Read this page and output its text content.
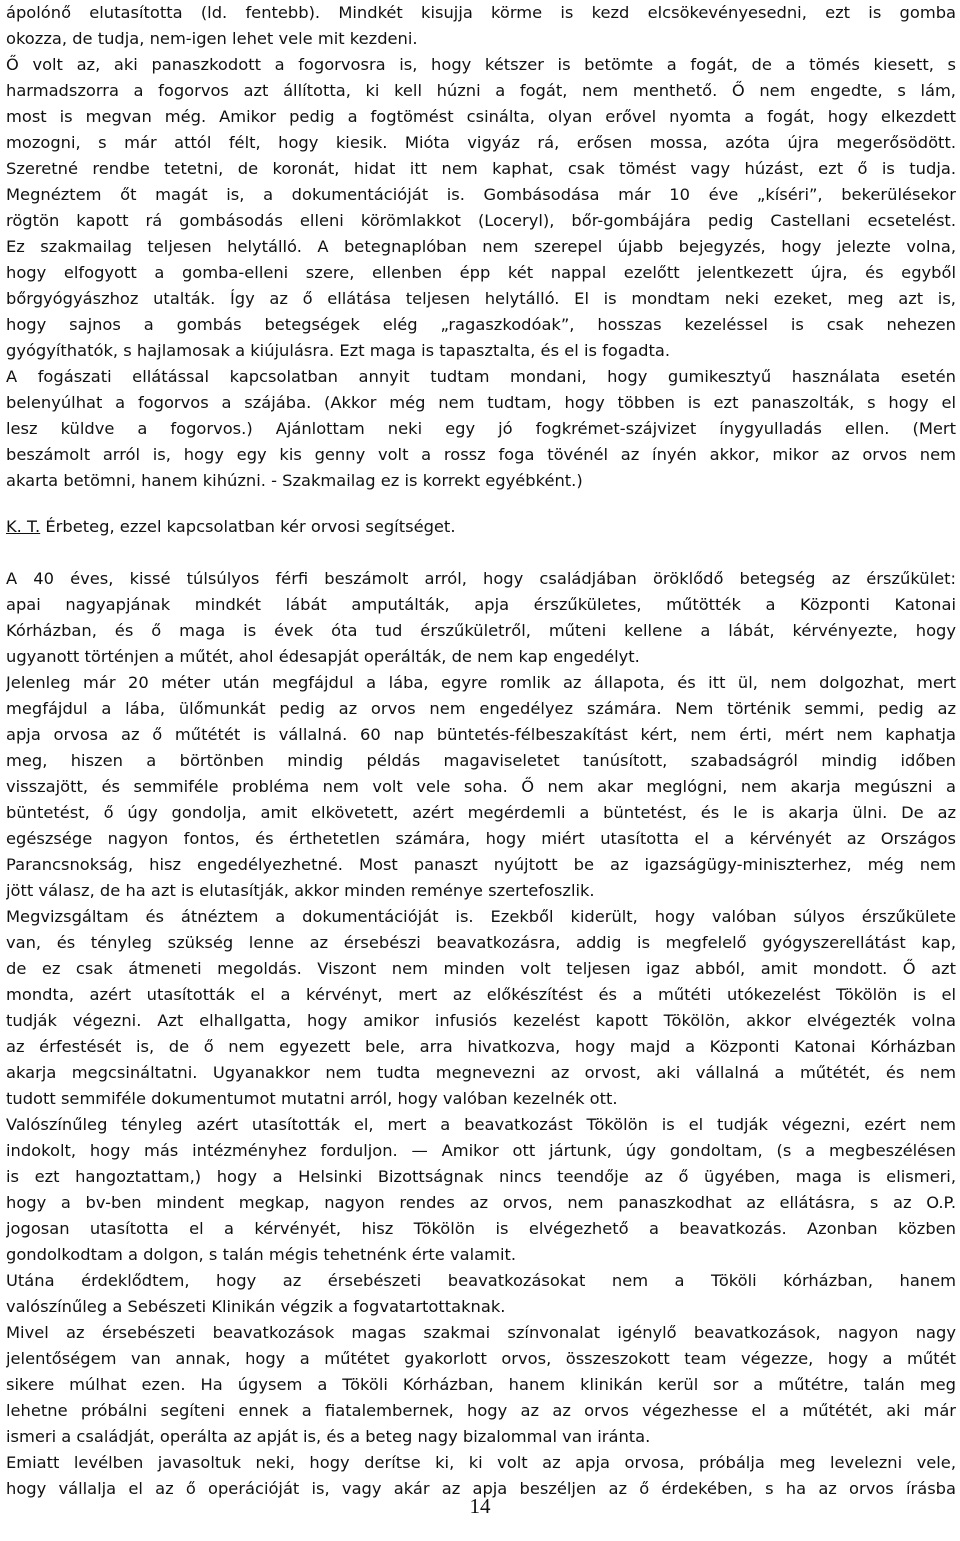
ápolónő elutasította (ld. fentebb). Mindkét kisujja körme is kezd elcsökevényesedni, ezt is gomba
okozza, de tudja, nem-igen lehet vele mit kezdeni.
Ő volt az, aki panaszkodott a fogorvosra is, hogy kétszer is betömte a fogát, de a tömés kiesett, s
harmadszorra a fogorvos azt állította, ki kell húzni a fogát, nem menthető. Ő nem engedte, s lám,
most is megvan még. Amikor pedig a fogtömést csinálta, olyan erővel nyomta a fogát, hogy elkezdett
mozogni, s már attól félt, hogy kiesik. Mióta vigyáz rá, erősen mossa, azóta újra megerősödött.
Szeretné rendbe tetetni, de koronát, hidat itt nem kaphat, csak tömést vagy húzást, ezt ő is tudja.
Megnéztem őt magát is, a dokumentációját is. Gombásodása már 10 éve „kíséri”, bekerülésekor
rögtön kapott rá gombásodás elleni körömlakkot (Loceryl), bőr-gombájára pedig Castellani ecsetelést.
Ez szakmailag teljesen helytálló. A betegnaplóban nem szerepel újabb bejegyzés, hogy jelezte volna,
hogy elfogyott a gomba-elleni szere, ellenben épp két nappal ezelőtt jelentkezett újra, és egyből
bőrgyógyászhoz utalták. Így az ő ellátása teljesen helytálló. El is mondtam neki ezeket, meg azt is,
hogy sajnos a gombás betegségek elég „ragaszkodóak”, hosszas kezeléssel is csak nehezen
gyógyíthatók, s hajlamosak a kiújulásra. Ezt maga is tapasztalta, és el is fogadta.
A fogászati ellátással kapcsolatban annyit tudtam mondani, hogy gumikesztyű használata esetén
belenyúlhat a fogorvos a szájába. (Akkor még nem tudtam, hogy többen is ezt panaszolták, s hogy el
lesz küldve a fogorvos.) Ajánlottam neki egy jó fogkrémet-szájvizet ínygyulladás ellen. (Mert
beszámolt arról is, hogy egy kis genny volt a rossz foga tövénél az ínyén akkor, mikor az orvos nem
akarta betömni, hanem kihúzni. - Szakmailag ez is korrekt egyébként.)
K. T. Érbeteg, ezzel kapcsolatban kér orvosi segítséget.
A 40 éves, kissé túlsúlyos férfi beszámolt arról, hogy családjában öröklődő betegség az érszűkület:
apai nagyapjának mindkét lábát amputálták, apja érszűkületes, műtötték a Központi Katonai
Kórházban, és ő maga is évek óta tud érszűkületről, műteni kellene a lábát, kérvényezte, hogy
ugyanott történjen a műtét, ahol édesapját operálták, de nem kap engedélyt.
Jelenleg már 20 méter után megfájdul a lába, egyre romlik az állapota, és itt ül, nem dolgozhat, mert
megfájdul a lába, ülőmunkát pedig az orvos nem engedélyez számára. Nem történik semmi, pedig az
apja orvosa az ő műtétét is vállalná. 60 nap büntetés-félbeszakítást kért, nem érti, mért nem kaphatja
meg, hiszen a börtönben mindig példás magaviseletet tanúsított, szabadságról mindig időben
visszajött, és semmiféle probléma nem volt vele soha. Ő nem akar meglógni, nem akarja megúszni a
büntetést, ő úgy gondolja, amit elkövetett, azért megérdemli a büntetést, és le is akarja ülni. De az
egészsége nagyon fontos, és érthetetlen számára, hogy miért utasította el a kérvényét az Országos
Parancsnokság, hisz engedélyezhetné. Most panaszt nyújtott be az igazságügy-miniszterhez, még nem
jött válasz, de ha azt is elutasítják, akkor minden reménye szertefoszlik.
Megvizsgáltam és átnéztem a dokumentációját is. Ezekből kiderült, hogy valóban súlyos érszűkülete
van, és tényleg szükség lenne az érsebészi beavatkozásra, addig is megfelelő gyógyszerellátást kap,
de ez csak átmeneti megoldás. Viszont nem minden volt teljesen igaz abból, amit mondott. Ő azt
mondta, azért utasították el a kérvényt, mert az előkészítést és a műtéti utókezelést Tökölön is el
tudják végezni. Azt elhallgatta, hogy amikor infusiós kezelést kapott Tökölön, akkor elvégezték volna
az érfestését is, de ő nem egyezett bele, arra hivatkozva, hogy majd a Központi Katonai Kórházban
akarja megcsináltatni. Ugyanakkor nem tudta megnevezni az orvost, aki vállalná a műtétét, és nem
tudott semmiféle dokumentumot mutatni arról, hogy valóban kezelnék ott.
Valószínűleg tényleg azért utasították el, mert a beavatkozást Tökölön is el tudják végezni, ezért nem
indokolt, hogy más intézményhez forduljon. — Amikor ott jártunk, úgy gondoltam, (s a megbeszélésen
is ezt hangoztattam,) hogy a Helsinki Bizottságnak nincs teendője az ő ügyében, maga is elismeri,
hogy a bv-ben mindent megkap, nagyon rendes az orvos, nem panaszkodhat az ellátásra, s az O.P.
jogosan utasította el a kérvényét, hisz Tökölön is elvégezhető a beavatkozás. Azonban közben
gondolkodtam a dolgon, s talán mégis tehetnénk érte valamit.
Utána érdeklődtem, hogy az érsebészeti beavatkozásokat nem a Tököli kórházban, hanem
valószínűleg a Sebészeti Klinikán végzik a fogvatartottaknak.
Mivel az érsebészeti beavatkozások magas szakmai színvonalat igénylő beavatkozások, nagyon nagy
jelentőségem van annak, hogy a műtétet gyakorlott orvos, összeszokott team végezze, hogy a műtét
sikere múlhat ezen. Ha úgysem a Tököli Kórházban, hanem klinikán kerül sor a műtétre, talán meg
lehetne próbálni segíteni ennek a fiatalembernek, hogy az az orvos végezhesse el a műtétét, aki már
ismeri a családját, operálta az apját is, és a beteg nagy bizalommal van iránta.
Emiatt levélben javasoltuk neki, hogy derítse ki, ki volt az apja orvosa, próbálja meg levelezni vele,
hogy vállalja el az ő operációját is, vagy akár az apja beszéljen az ő érdekében, s ha az orvos írásba
14
